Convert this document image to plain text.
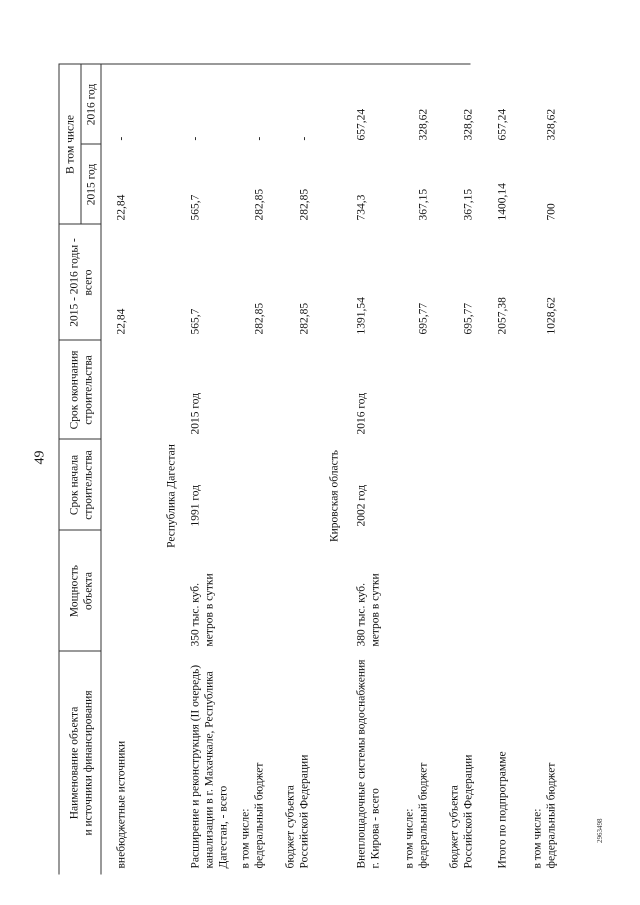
49
Наименование объекта и источники финансирования
Мощность объекта
Срок начала строительства
Срок окончания строительства
2015 - 2016 годы - всего
В том числе
2015 год
2016 год
внебюджетные источники
22,84
22,84
-
Республика Дагестан
Расширение и реконструкция (II очередь) канализации в г. Махачкале, Республика Дагестан, - всего
350 тыс. куб. метров в сутки
1991 год
2015 год
565,7
565,7
-
в том числе: федеральный бюджет
282,85
282,85
-
бюджет субъекта Российской Федерации
282,85
282,85
-
Кировская область
Внеплощадочные системы водоснабжения г. Кирова - всего
380 тыс. куб. метров в сутки
2002 год
2016 год
1391,54
734,3
657,24
в том числе: федеральный бюджет
695,77
367,15
328,62
бюджет субъекта Российской Федерации
695,77
367,15
328,62
Итого по подпрограмме
2057,38
1400,14
657,24
в том числе: федеральный бюджет
1028,62
700
328,62
2963498
